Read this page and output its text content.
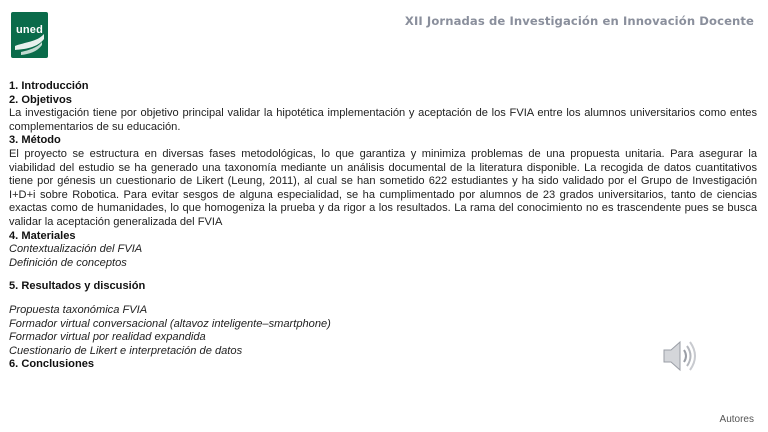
uned
XII Jornadas de Investigación en Innovación Docente
1. Introducción
2. Objetivos

La investigación tiene por objetivo principal validar la hipotética implementación y aceptación de los FVIA entre los alumnos universitarios como entes complementarios de su educación.

3. Método

El proyecto se estructura en diversas fases metodológicas, lo que garantiza y minimiza problemas de una propuesta unitaria. Para asegurar la viabilidad del estudio se ha generado una taxonomía mediante un análisis documental de la literatura disponible. La recogida de datos cuantitativos tiene por génesis un cuestionario de Likert (Leung, 2011), al cual se han sometido 622 estudiantes y ha sido validado por el Grupo de Investigación I+D+i sobre Robotica. Para evitar sesgos de alguna especialidad, se ha cumplimentado por alumnos de 23 grados universitarios, tanto de ciencias exactas como de humanidades, lo que homogeniza la prueba y da rigor a los resultados. La rama del conocimiento no es trascendente pues se busca validar la aceptación generalizada del FVIA

4. Materiales
Contextualización del FVIA
Definición de conceptos
5. Resultados y discusión
Propuesta taxonómica FVIA
Formador virtual conversacional (altavoz inteligente–smartphone)
Formador virtual por realidad expandida
Cuestionario de Likert e interpretación de datos
6. Conclusiones
Autores
